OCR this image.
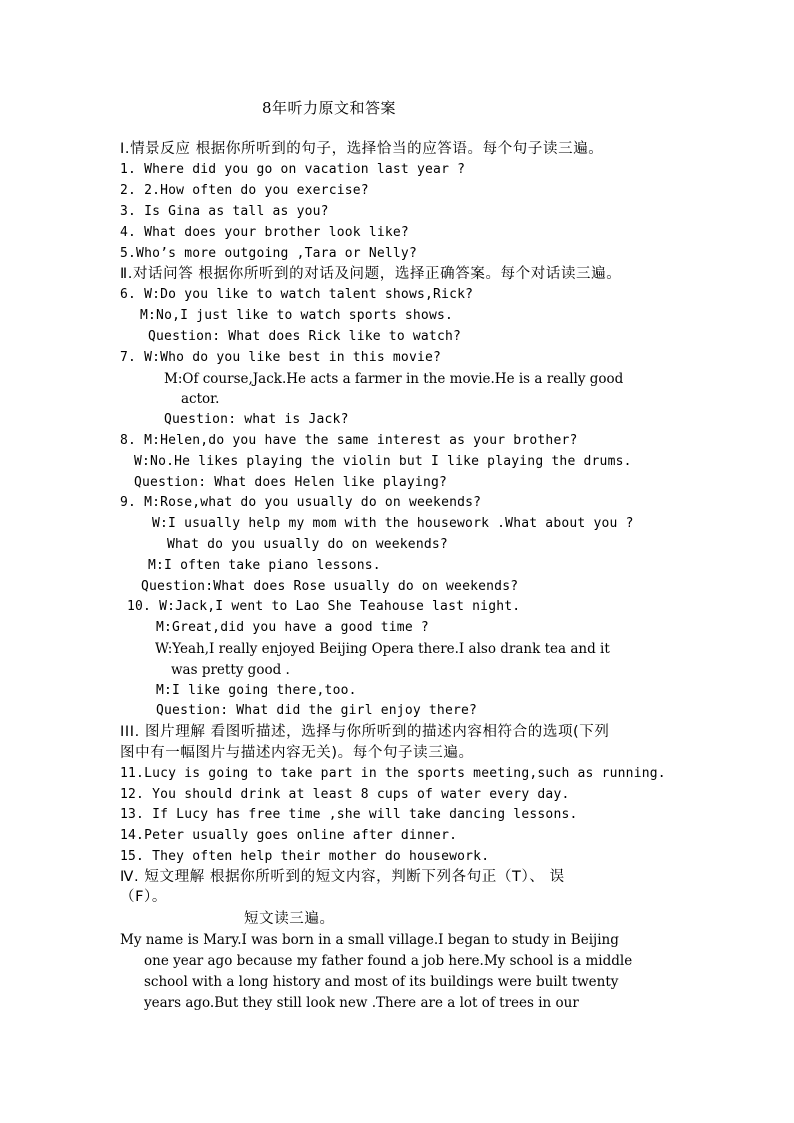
8年听力原文和答案
Ⅰ.情景反应 根据你所听到的句子，选择恰当的应答语。每个句子读三遍。
1. Where did you go on vacation last year ?
2. 2.How often do you exercise?
3. Is Gina as tall as you?
4. What does your brother look like?
5.Who’s more outgoing ,Tara or Nelly?
Ⅱ.对话问答 根据你所听到的对话及问题，选择正确答案。每个对话读三遍。
6. W:Do you like to watch talent shows,Rick?
M:No,I just like to watch sports shows.
Question: What does Rick like to watch?
7. W:Who do you like best in this movie?
M:Of course,Jack.He acts a farmer in the movie.He is a really good
actor.
Question: what is Jack?
8. M:Helen,do you have the same interest as your brother?
W:No.He likes playing the violin but I like playing the drums.
Question: What does Helen like playing?
9. M:Rose,what do you usually do on weekends?
W:I usually help my mom with the housework .What about you ?
What do you usually do on weekends?
M:I often take piano lessons.
Question:What does Rose usually do on weekends?
10. W:Jack,I went to Lao She Teahouse last night.
M:Great,did you have a good time ?
W:Yeah,I really enjoyed Beijing Opera there.I also drank tea and it
was pretty good .
M:I like going there,too.
Question: What did the girl enjoy there?
III. 图片理解 看图听描述，选择与你所听到的描述内容相符合的选项(下列
图中有一幅图片与描述内容无关)。每个句子读三遍。
11.Lucy is going to take part in the sports meeting,such as running.
12. You should drink at least 8 cups of water every day.
13. If Lucy has free time ,she will take dancing lessons.
14.Peter usually goes online after dinner.
15. They often help their mother do housework.
Ⅳ. 短文理解 根据你所听到的短文内容，判断下列各句正（T）、 误
（F）。
短文读三遍。
My name is Mary.I was born in a small village.I began to study in Beijing
one year ago because my father found a job here.My school is a middle
school with a long history and most of its buildings were built twenty
years ago.But they still look new .There are a lot of trees in our
